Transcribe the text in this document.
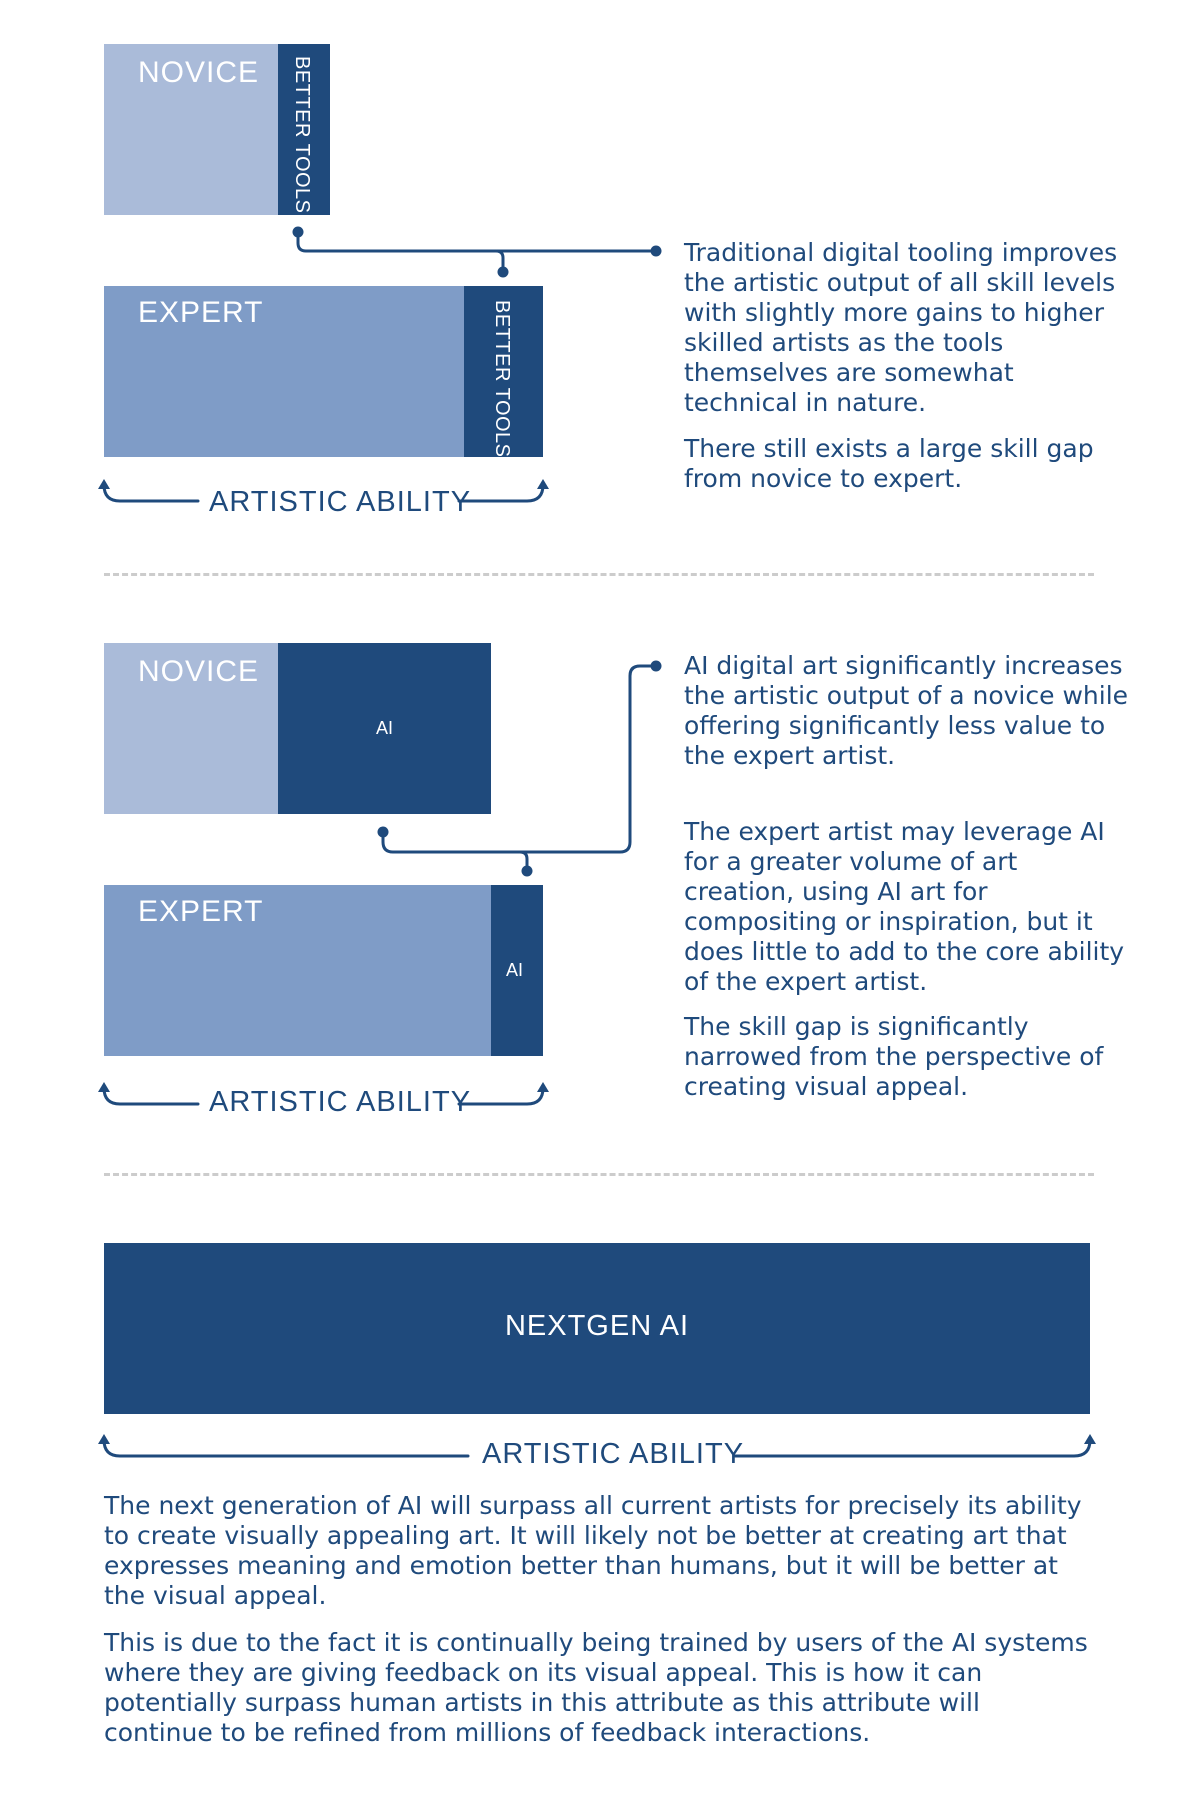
NOVICE BETTER TOOLS
EXPERT	BETTER TOOLS
ARTISTIC ABILITY

Traditional digital tooling improves the artistic output of all skill levels with slightly more gains to higher skilled artists as the tools themselves are somewhat technical in nature.

There still exists a large skill gap from novice to expert.

NOVICE
AI
EXPERT
AI
ARTISTIC ABILITY

AI digital art significantly increases the artistic output of a novice while offering significantly less value to the expert artist.

The expert artist may leverage AI for a greater volume of art creation, using AI art for compositing or inspiration, but it does little to add to the core ability of the expert artist.

The skill gap is significantly narrowed from the perspective of creating visual appeal.

NEXTGEN AI
ARTISTIC ABILITY

The next generation of AI will surpass all current artists for precisely its ability to create visually appealing art. It will likely not be better at creating art that expresses meaning and emotion better than humans, but it will be better at the visual appeal.

This is due to the fact it is continually being trained by users of the AI systems where they are giving feedback on its visual appeal. This is how it can potentially surpass human artists in this attribute as this attribute will continue to be refined from millions of feedback interactions.
